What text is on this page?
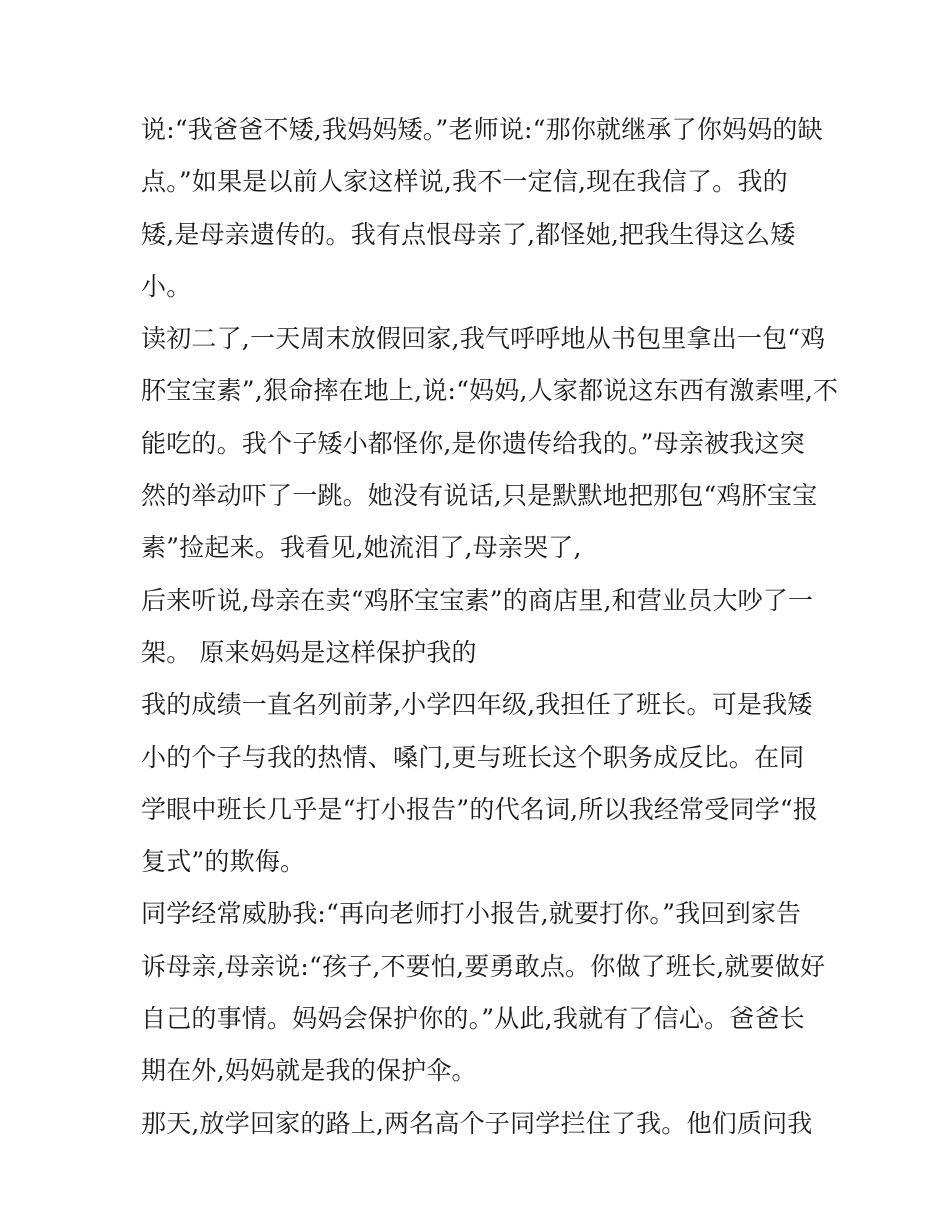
说:“我爸爸不矮,我妈妈矮。”老师说:“那你就继承了你妈妈的缺
点。”如果是以前人家这样说,我不一定信,现在我信了。我的
矮,是母亲遗传的。我有点恨母亲了,都怪她,把我生得这么矮
小。
读初二了,一天周末放假回家,我气呼呼地从书包里拿出一包“鸡
肧宝宝素”,狠命摔在地上,说:“妈妈,人家都说这东西有激素哩,不
能吃的。我个子矮小都怪你,是你遗传给我的。”母亲被我这突
然的举动吓了一跳。她没有说话,只是默默地把那包“鸡肧宝宝
素”捡起来。我看见,她流泪了,母亲哭了,
后来听说,母亲在卖“鸡肧宝宝素”的商店里,和营业员大吵了一
架。 原来妈妈是这样保护我的
我的成绩一直名列前茅,小学四年级,我担任了班长。可是我矮
小的个子与我的热情、嗓门,更与班长这个职务成反比。在同
学眼中班长几乎是“打小报告”的代名词,所以我经常受同学“报
复式”的欺侮。
同学经常威胁我:“再向老师打小报告,就要打你。”我回到家告
诉母亲,母亲说:“孩子,不要怕,要勇敢点。你做了班长,就要做好
自己的事情。妈妈会保护你的。”从此,我就有了信心。爸爸长
期在外,妈妈就是我的保护伞。
那天,放学回家的路上,两名高个子同学拦住了我。他们质问我
